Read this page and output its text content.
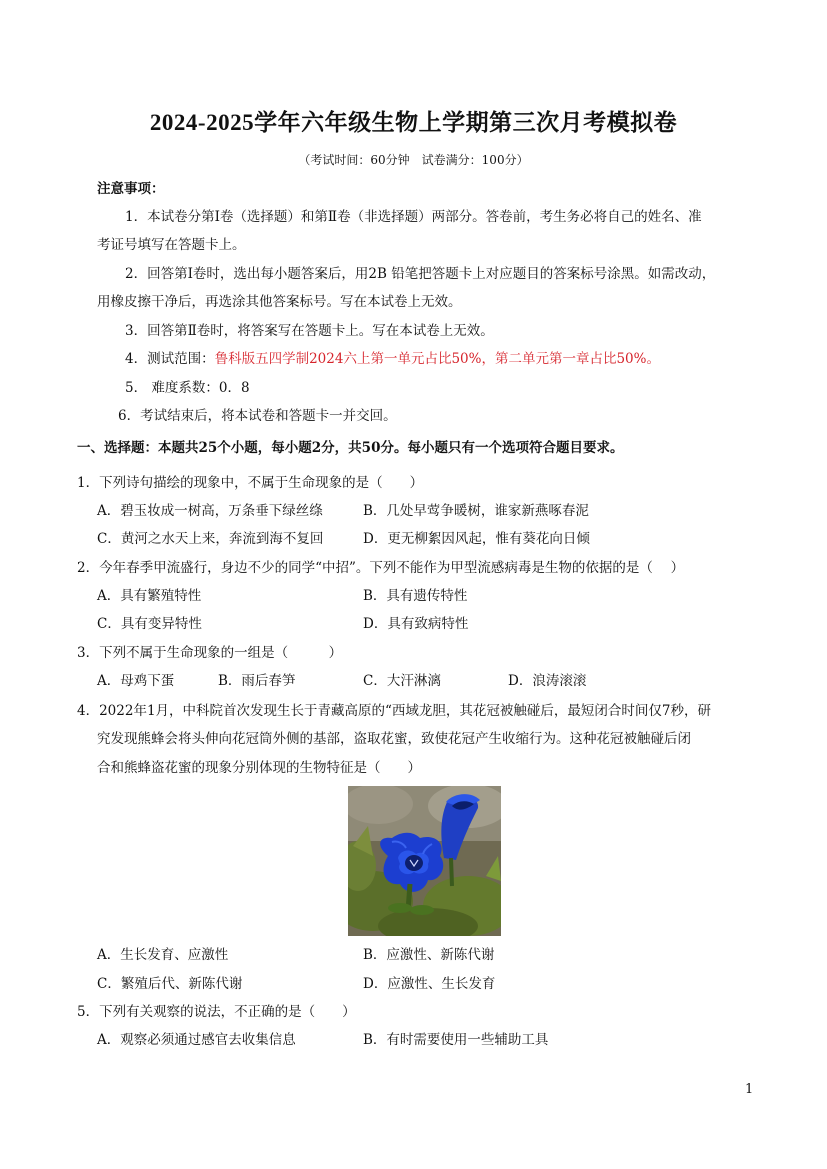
2024-2025学年六年级生物上学期第三次月考模拟卷
（考试时间：60分钟　试卷满分：100分）
注意事项：
1．本试卷分第Ⅰ卷（选择题）和第Ⅱ卷（非选择题）两部分。答卷前，考生务必将自己的姓名、准
考证号填写在答题卡上。
2．回答第Ⅰ卷时，选出每小题答案后，用2B 铅笔把答题卡上对应题目的答案标号涂黑。如需改动，
用橡皮擦干净后，再选涂其他答案标号。写在本试卷上无效。
3．回答第Ⅱ卷时，将答案写在答题卡上。写在本试卷上无效。
4．测试范围：鲁科版五四学制2024六上第一单元占比50%，第二单元第一章占比50%。
5． 难度系数：0．8
6．考试结束后，将本试卷和答题卡一并交回。
一、选择题：本题共25个小题，每小题2分，共50分。每小题只有一个选项符合题目要求。
1．下列诗句描绘的现象中，不属于生命现象的是（　　）
A．碧玉妆成一树高，万条垂下绿丝绦	B．几处早莺争暖树，谁家新燕啄春泥
C．黄河之水天上来，奔流到海不复回	D．更无柳絮因风起，惟有葵花向日倾
2．今年春季甲流盛行，身边不少的同学“中招”。下列不能作为甲型流感病毒是生物的依据的是（　 ）
A．具有繁殖特性	B．具有遗传特性
C．具有变异特性	D．具有致病特性
3．下列不属于生命现象的一组是（　　　）
A．母鸡下蛋	B．雨后春笋	C．大汗淋漓	D．浪涛滚滚
4．2022年1月，中科院首次发现生长于青藏高原的“西域龙胆，其花冠被触碰后，最短闭合时间仅7秒，研
究发现熊蜂会将头伸向花冠筒外侧的基部，盗取花蜜，致使花冠产生收缩行为。这种花冠被触碰后闭
合和熊蜂盗花蜜的现象分别体现的生物特征是（　　）
A．生长发育、应激性	B．应激性、新陈代谢
C．繁殖后代、新陈代谢	D．应激性、生长发育
5．下列有关观察的说法，不正确的是（　　）
A．观察必须通过感官去收集信息	B．有时需要使用一些辅助工具
1
